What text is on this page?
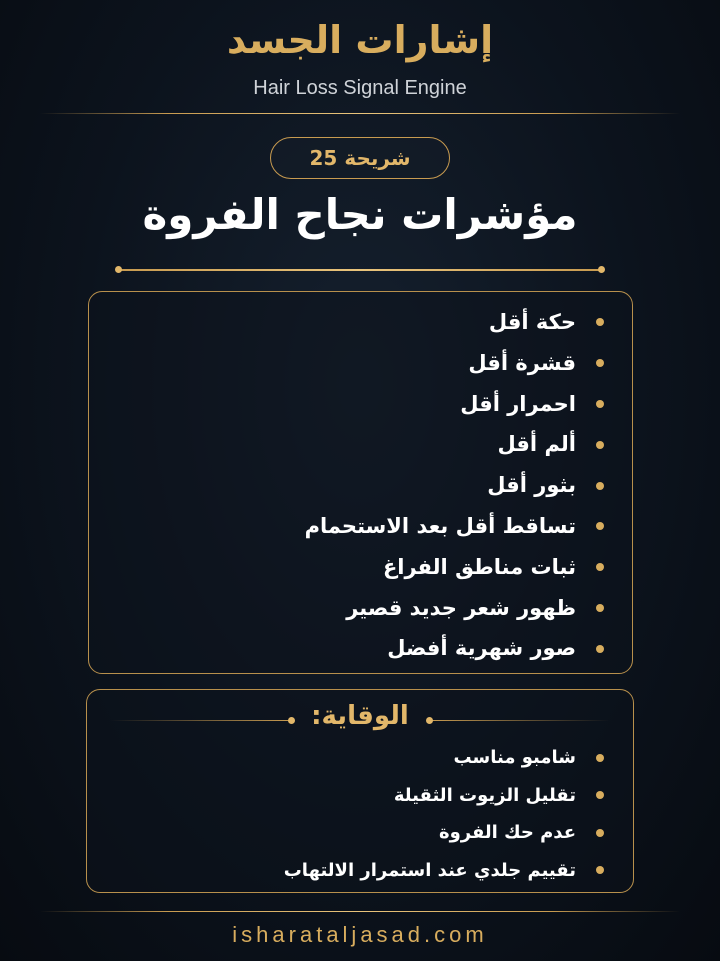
إشارات الجسد
Hair Loss Signal Engine
شريحة 25
مؤشرات نجاح الفروة
حكة أقل
قشرة أقل
احمرار أقل
ألم أقل
بثور أقل
تساقط أقل بعد الاستحمام
ثبات مناطق الفراغ
ظهور شعر جديد قصير
صور شهرية أفضل
الوقاية:
شامبو مناسب
تقليل الزيوت الثقيلة
عدم حك الفروة
تقييم جلدي عند استمرار الالتهاب
isharataljasad.com
